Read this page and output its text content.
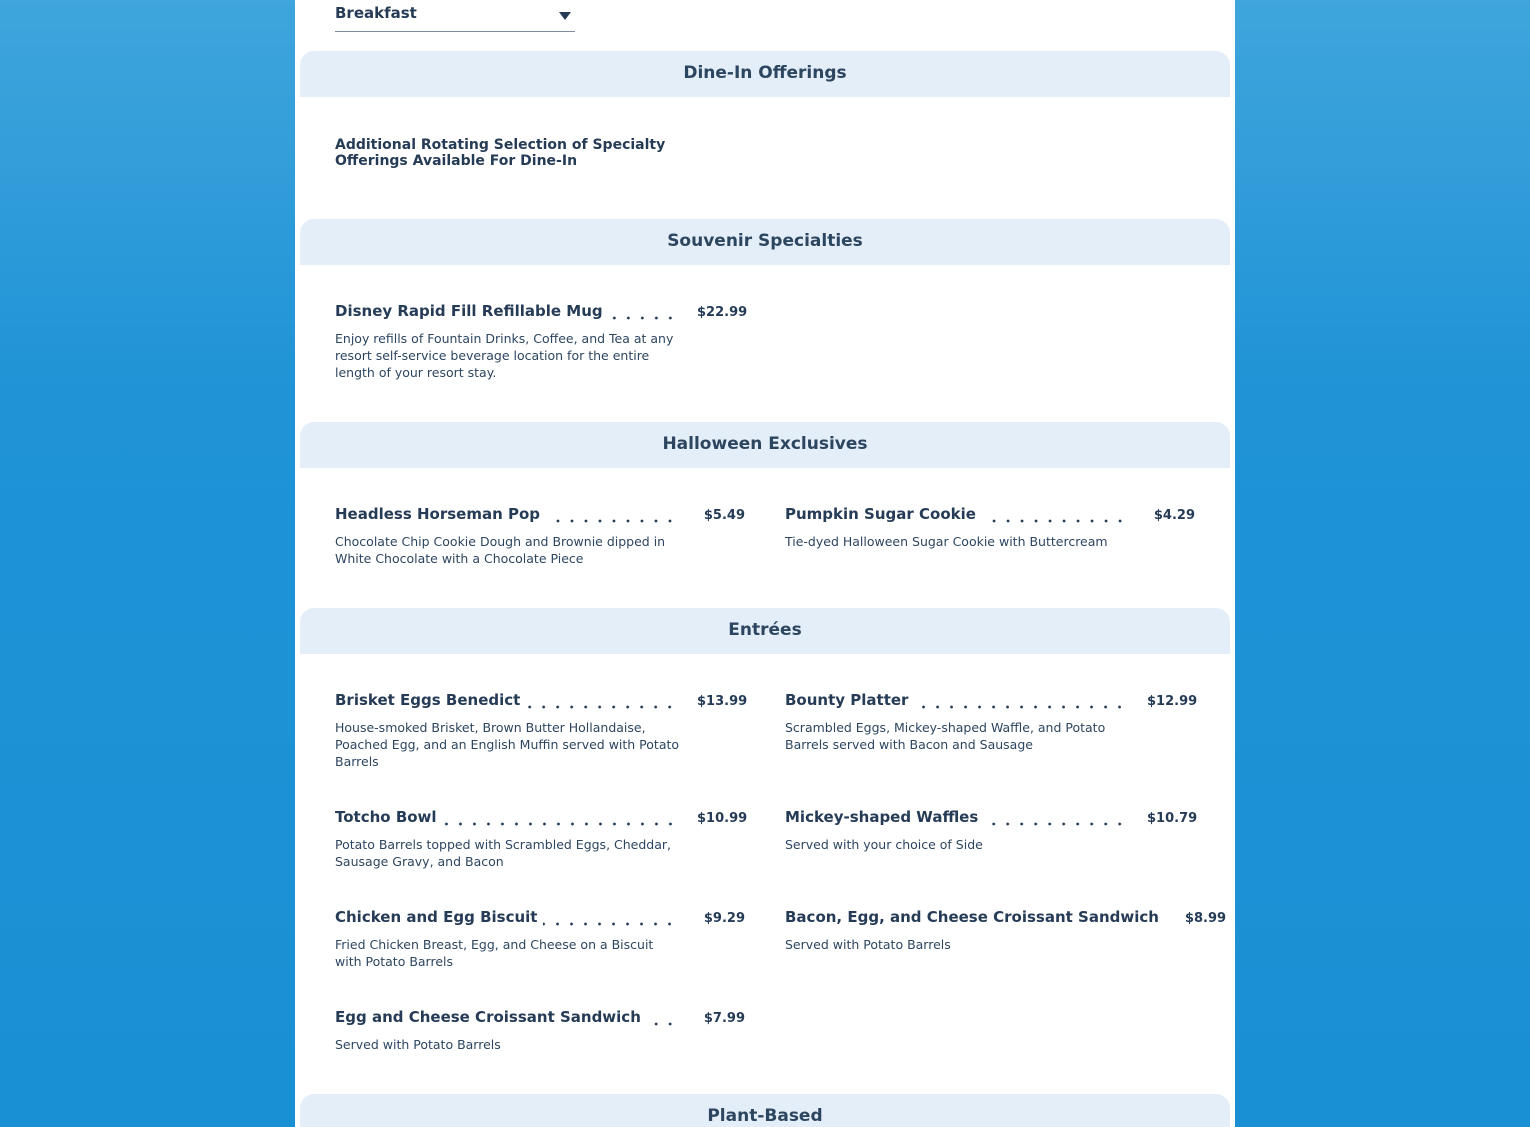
Breakfast
Dine-In Offerings
Additional Rotating Selection of Specialty Offerings Available For Dine-In
Souvenir Specialties
Disney Rapid Fill Refillable Mug	$22.99
Enjoy refills of Fountain Drinks, Coffee, and Tea at any resort self-service beverage location for the entire length of your resort stay.
Halloween Exclusives
Headless Horseman Pop	$5.49
Chocolate Chip Cookie Dough and Brownie dipped in White Chocolate with a Chocolate Piece
Pumpkin Sugar Cookie	$4.29
Tie-dyed Halloween Sugar Cookie with Buttercream
Entrées
Brisket Eggs Benedict	$13.99
House-smoked Brisket, Brown Butter Hollandaise, Poached Egg, and an English Muffin served with Potato Barrels
Bounty Platter	$12.99
Scrambled Eggs, Mickey-shaped Waffle, and Potato Barrels served with Bacon and Sausage
Totcho Bowl	$10.99
Potato Barrels topped with Scrambled Eggs, Cheddar, Sausage Gravy, and Bacon
Mickey-shaped Waffles	$10.79
Served with your choice of Side
Chicken and Egg Biscuit	$9.29
Fried Chicken Breast, Egg, and Cheese on a Biscuit with Potato Barrels
Bacon, Egg, and Cheese Croissant Sandwich	$8.99
Served with Potato Barrels
Egg and Cheese Croissant Sandwich	$7.99
Served with Potato Barrels
Plant-Based
